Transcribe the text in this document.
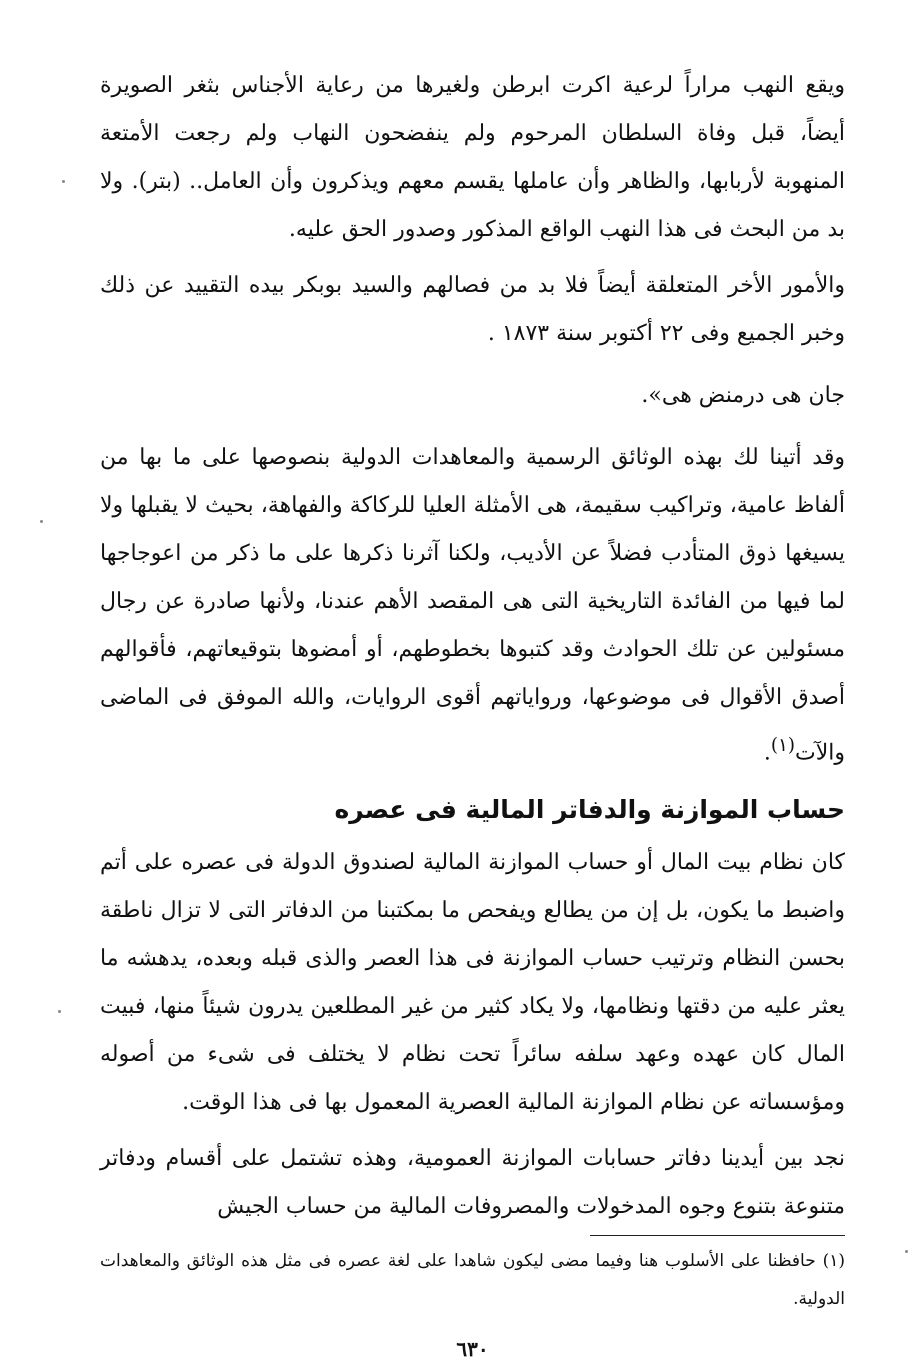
ويقع النهب مراراً لرعية اكرت ابرطن ولغيرها من رعاية الأجناس بثغر الصويرة أيضاً، قبل وفاة السلطان المرحوم ولم ينفضحون النهاب ولم رجعت الأمتعة المنهوبة لأربابها، والظاهر وأن عاملها يقسم معهم ويذكرون وأن العامل.. (بتر). ولا بد من البحث فى هذا النهب الواقع المذكور وصدور الحق عليه.

والأمور الأخر المتعلقة أيضاً فلا بد من فصالهم والسيد بوبكر بيده التقييد عن ذلك وخبر الجميع وفى ٢٢ أكتوبر سنة ١٨٧٣ .

جان هى درمنض هى».

وقد أتينا لك بهذه الوثائق الرسمية والمعاهدات الدولية بنصوصها على ما بها من ألفاظ عامية، وتراكيب سقيمة، هى الأمثلة العليا للركاكة والفهاهة، بحيث لا يقبلها ولا يسيغها ذوق المتأدب فضلاً عن الأديب، ولكنا آثرنا ذكرها على ما ذكر من اعوجاجها لما فيها من الفائدة التاريخية التى هى المقصد الأهم عندنا، ولأنها صادرة عن رجال مسئولين عن تلك الحوادث وقد كتبوها بخطوطهم، أو أمضوها بتوقيعاتهم، فأقوالهم أصدق الأقوال فى موضوعها، ورواياتهم أقوى الروايات، والله الموفق فى الماضى والآت$^{(١)}$.

حساب الموازنة والدفاتر المالية فى عصره

كان نظام بيت المال أو حساب الموازنة المالية لصندوق الدولة فى عصره على أتم واضبط ما يكون، بل إن من يطالع ويفحص ما بمكتبنا من الدفاتر التى لا تزال ناطقة بحسن النظام وترتيب حساب الموازنة فى هذا العصر والذى قبله وبعده، يدهشه ما يعثر عليه من دقتها ونظامها، ولا يكاد كثير من غير المطلعين يدرون شيئاً منها، فبيت المال كان عهده وعهد سلفه سائراً تحت نظام لا يختلف فى شىء من أصوله ومؤسساته عن نظام الموازنة المالية العصرية المعمول بها فى هذا الوقت.

نجد بين أيدينا دفاتر حسابات الموازنة العمومية، وهذه تشتمل على أقسام ودفاتر متنوعة بتنوع وجوه المدخولات والمصروفات المالية من حساب الجيش

(١) حافظنا على الأسلوب هنا وفيما مضى ليكون شاهدا على لغة عصره فى مثل هذه الوثائق والمعاهدات الدولية.

٦٣٠
